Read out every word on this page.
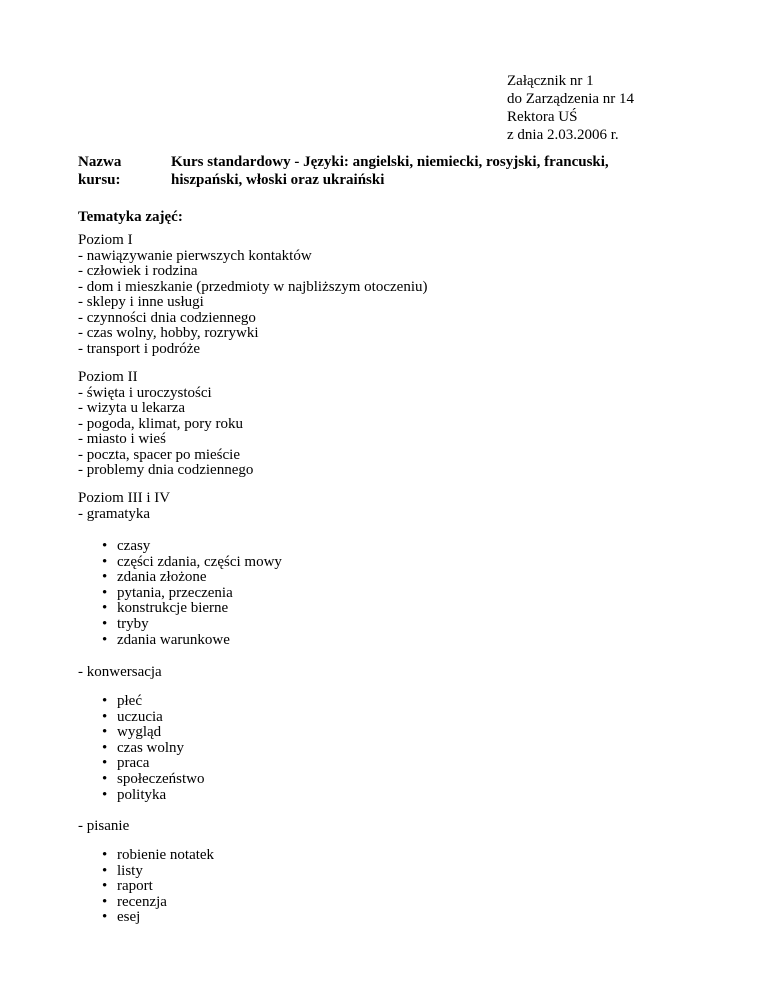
Załącznik nr 1
do Zarządzenia nr 14
Rektora UŚ
z dnia 2.03.2006 r.
Nazwa
kursu:
Kurs standardowy - Języki: angielski, niemiecki, rosyjski, francuski,
hiszpański, włoski oraz ukraiński
Tematyka zajęć:
Poziom I
- nawiązywanie pierwszych kontaktów
- człowiek i rodzina
- dom i mieszkanie (przedmioty w najbliższym otoczeniu)
- sklepy i inne usługi
- czynności dnia codziennego
- czas wolny, hobby, rozrywki
- transport i podróże
Poziom II
- święta i uroczystości
- wizyta u lekarza
- pogoda, klimat, pory roku
- miasto i wieś
- poczta, spacer po mieście
- problemy dnia codziennego
Poziom III i IV
- gramatyka
• czasy
• części zdania, części mowy
• zdania złożone
• pytania, przeczenia
• konstrukcje bierne
• tryby
• zdania warunkowe
- konwersacja
• płeć
• uczucia
• wygląd
• czas wolny
• praca
• społeczeństwo
• polityka
- pisanie
• robienie notatek
• listy
• raport
• recenzja
• esej
